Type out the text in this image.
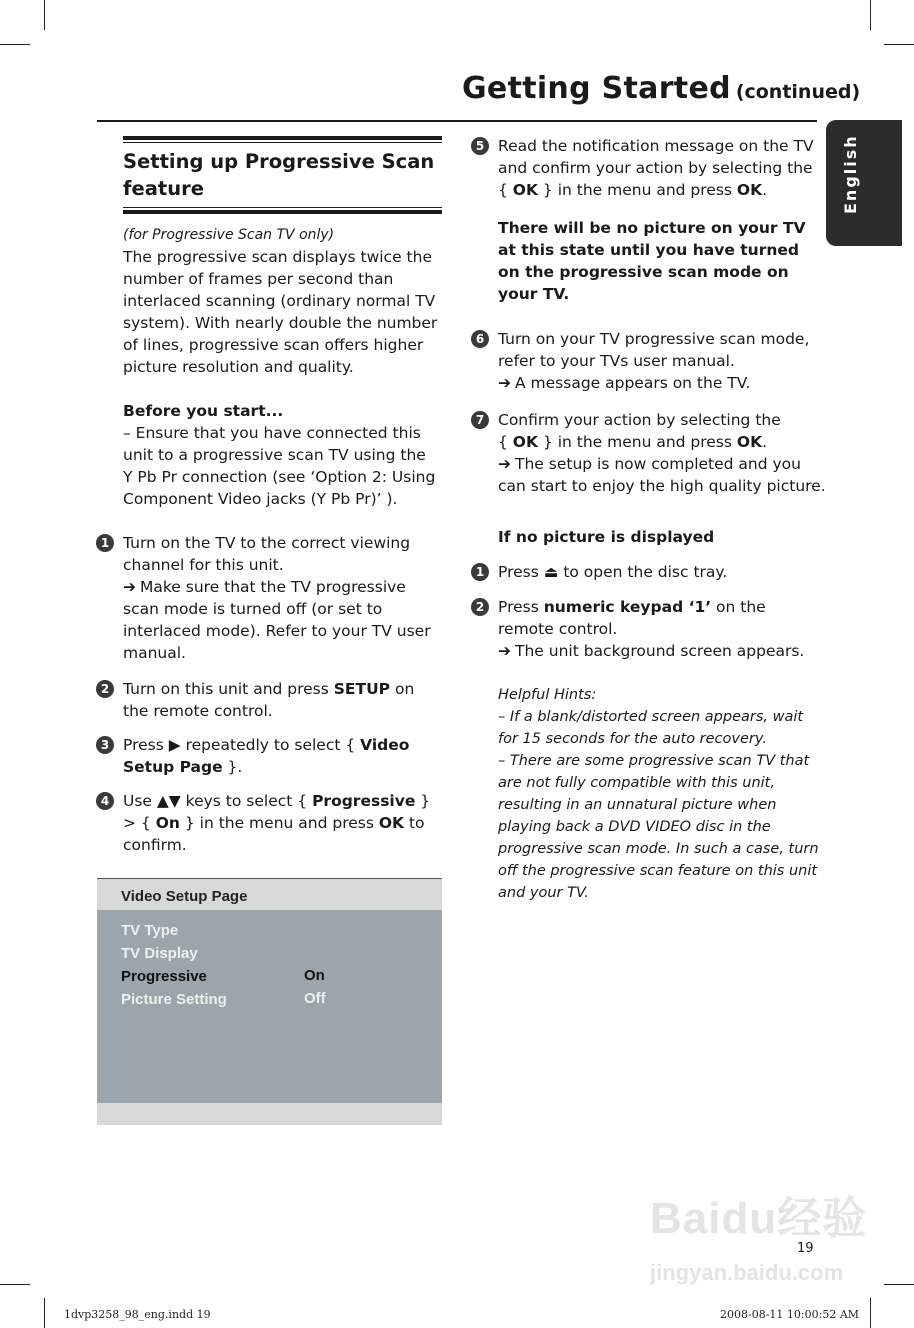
Getting Started (continued)
English
Setting up Progressive Scan
feature
(for Progressive Scan TV only)
The progressive scan displays twice the
number of frames per second than
interlaced scanning (ordinary normal TV
system). With nearly double the number
of lines, progressive scan offers higher
picture resolution and quality.
Before you start...
– Ensure that you have connected this
unit to a progressive scan TV using the
Y Pb Pr connection (see ‘Option 2: Using
Component Video jacks (Y Pb Pr)’ ).
1 Turn on the TV to the correct viewing
channel for this unit.
➔ Make sure that the TV progressive
scan mode is turned off (or set to
interlaced mode). Refer to your TV user
manual.
2 Turn on this unit and press SETUP on
the remote control.
3 Press ▶ repeatedly to select { Video
Setup Page }.
4 Use ▲▼ keys to select { Progressive }
> { On } in the menu and press OK to
confirm.
Video Setup Page
TV Type
TV Display
Progressive
Picture Setting
On
Off
5 Read the notification message on the TV
and confirm your action by selecting the
{ OK } in the menu and press OK.
There will be no picture on your TV
at this state until you have turned
on the progressive scan mode on
your TV.
6 Turn on your TV progressive scan mode,
refer to your TVs user manual.
➔ A message appears on the TV.
7 Confirm your action by selecting the
{ OK } in the menu and press OK.
➔ The setup is now completed and you
can start to enjoy the high quality picture.
If no picture is displayed
1 Press ⏏ to open the disc tray.
2 Press numeric keypad ‘1’ on the
remote control.
➔ The unit background screen appears.
Helpful Hints:
– If a blank/distorted screen appears, wait
for 15 seconds for the auto recovery.
– There are some progressive scan TV that
are not fully compatible with this unit,
resulting in an unnatural picture when
playing back a DVD VIDEO disc in the
progressive scan mode. In such a case, turn
off the progressive scan feature on this unit
and your TV.
Baidu经验
jingyan.baidu.com
19
1dvp3258_98_eng.indd 19	2008-08-11 10:00:52 AM
